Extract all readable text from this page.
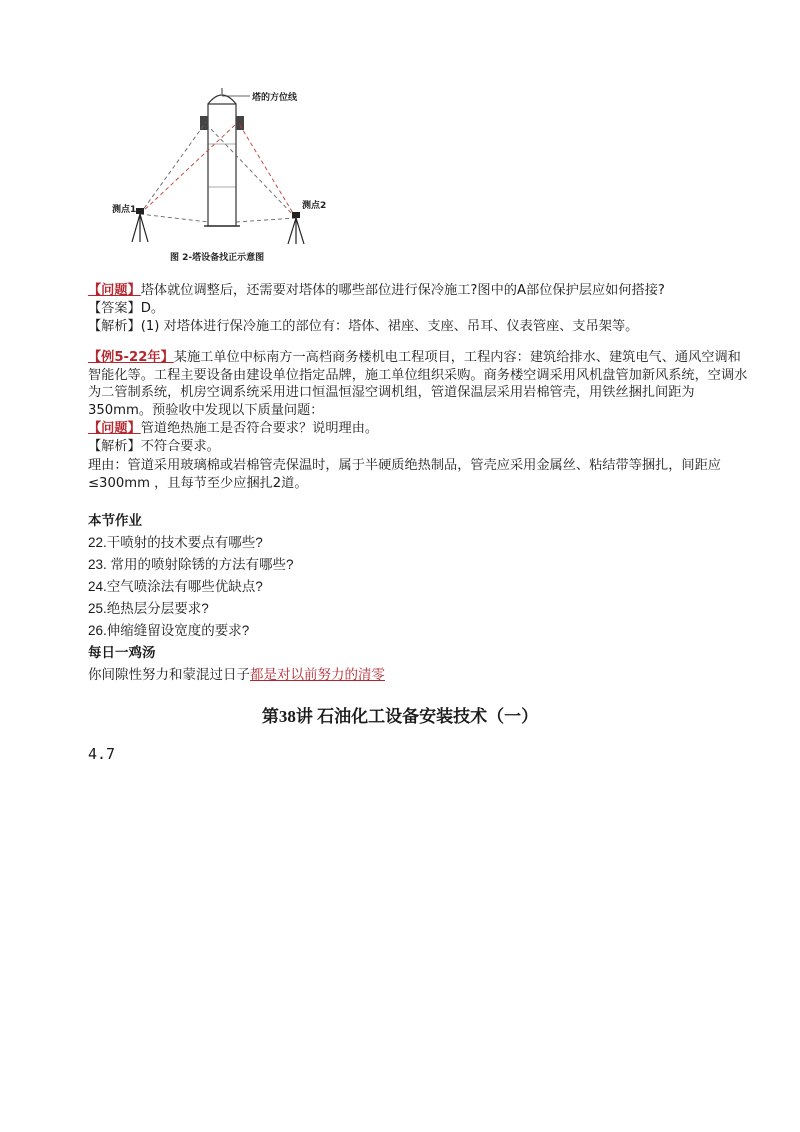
塔的方位线
测点1	测点2
图 2-塔设备找正示意图
【问题】塔体就位调整后，还需要对塔体的哪些部位进行保冷施工?图中的A部位保护层应如何搭接?
【答案】D。
【解析】(1) 对塔体进行保冷施工的部位有：塔体、裙座、支座、吊耳、仪表管座、支吊架等。
【例5-22年】某施工单位中标南方一高档商务楼机电工程项目，工程内容：建筑给排水、建筑电气、通风空调和智能化等。工程主要设备由建设单位指定品牌，施工单位组织采购。商务楼空调采用风机盘管加新风系统，空调水为二管制系统，机房空调系统采用进口恒温恒湿空调机组，管道保温层采用岩棉管壳，用铁丝捆扎间距为350mm。预验收中发现以下质量问题：
【问题】管道绝热施工是否符合要求？说明理由。
【解析】不符合要求。
理由：管道采用玻璃棉或岩棉管壳保温时，属于半硬质绝热制品，管壳应采用金属丝、粘结带等捆扎，间距应≤300mm ，且每节至少应捆扎2道。
本节作业
22.干喷射的技术要点有哪些?
23. 常用的喷射除锈的方法有哪些?
24.空气喷涂法有哪些优缺点?
25.绝热层分层要求?
26.伸缩缝留设宽度的要求?
每日一鸡汤
你间隙性努力和蒙混过日子都是对以前努力的清零
第38讲 石油化工设备安装技术（一）
4.7
